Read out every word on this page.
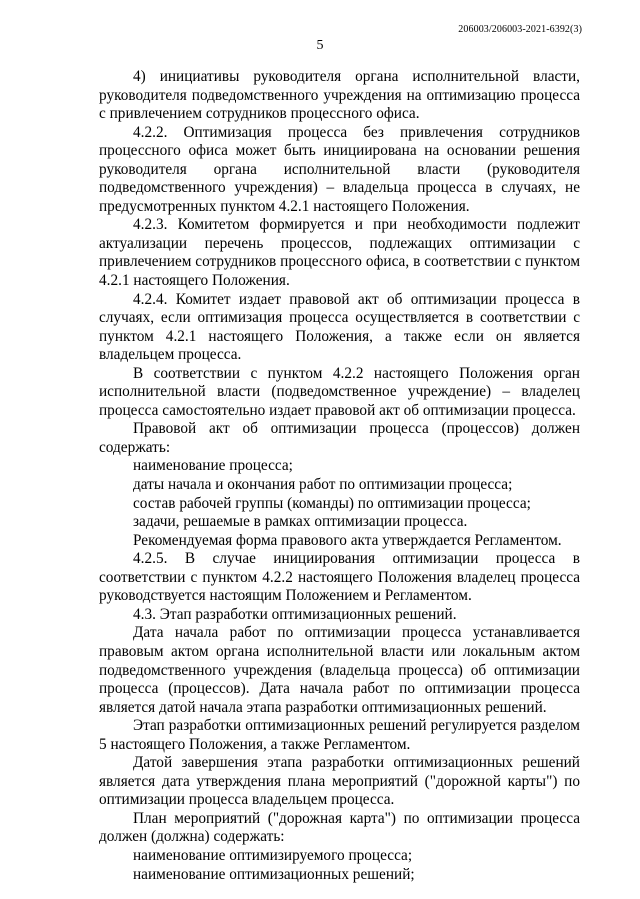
206003/206003-2021-6392(3)
5

4) инициативы руководителя органа исполнительной власти, руководителя подведомственного учреждения на оптимизацию процесса с привлечением сотрудников процессного офиса.

4.2.2. Оптимизация процесса без привлечения сотрудников процессного офиса может быть инициирована на основании решения руководителя органа исполнительной власти (руководителя подведомственного учреждения) – владельца процесса в случаях, не предусмотренных пунктом 4.2.1 настоящего Положения.

4.2.3. Комитетом формируется и при необходимости подлежит актуализации перечень процессов, подлежащих оптимизации с привлечением сотрудников процессного офиса, в соответствии с пунктом 4.2.1 настоящего Положения.

4.2.4. Комитет издает правовой акт об оптимизации процесса в случаях, если оптимизация процесса осуществляется в соответствии с пунктом 4.2.1 настоящего Положения, а также если он является владельцем процесса.

В соответствии с пунктом 4.2.2 настоящего Положения орган исполнительной власти (подведомственное учреждение) – владелец процесса самостоятельно издает правовой акт об оптимизации процесса.

Правовой акт об оптимизации процесса (процессов) должен содержать:

наименование процесса;

даты начала и окончания работ по оптимизации процесса;

состав рабочей группы (команды) по оптимизации процесса;

задачи, решаемые в рамках оптимизации процесса.

Рекомендуемая форма правового акта утверждается Регламентом.

4.2.5. В случае инициирования оптимизации процесса в соответствии с пунктом 4.2.2 настоящего Положения владелец процесса руководствуется настоящим Положением и Регламентом.

4.3. Этап разработки оптимизационных решений.

Дата начала работ по оптимизации процесса устанавливается правовым актом органа исполнительной власти или локальным актом подведомственного учреждения (владельца процесса) об оптимизации процесса (процессов). Дата начала работ по оптимизации процесса является датой начала этапа разработки оптимизационных решений.

Этап разработки оптимизационных решений регулируется разделом 5 настоящего Положения, а также Регламентом.

Датой завершения этапа разработки оптимизационных решений является дата утверждения плана мероприятий ("дорожной карты") по оптимизации процесса владельцем процесса.

План мероприятий ("дорожная карта") по оптимизации процесса должен (должна) содержать:

наименование оптимизируемого процесса;

наименование оптимизационных решений;
